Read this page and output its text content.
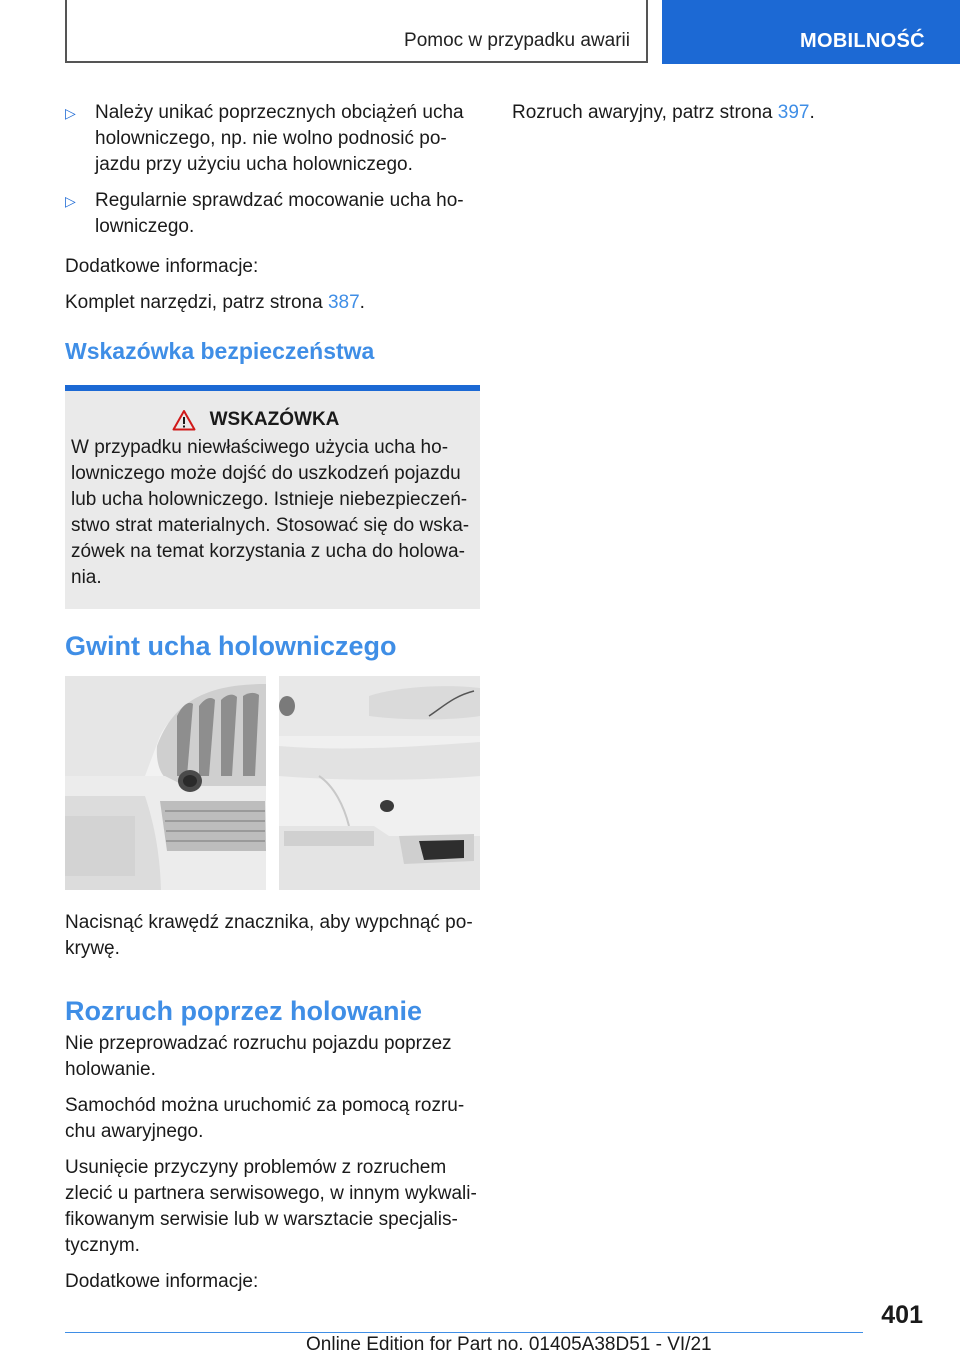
Pomoc w przypadku awarii	MOBILNOŚĆ
▷ Należy unikać poprzecznych obciążeń ucha holowniczego, np. nie wolno podnosić pojazdu przy użyciu ucha holowniczego.

▷ Regularnie sprawdzać mocowanie ucha holowniczego.

Dodatkowe informacje:

Komplet narzędzi, patrz strona 387.

Wskazówka bezpieczeństwa
WSKAZÓWKA

W przypadku niewłaściwego użycia ucha holowniczego może dojść do uszkodzeń pojazdu lub ucha holowniczego. Istnieje niebezpieczeństwo strat materialnych. Stosować się do wskazówek na temat korzystania z ucha do holowania.

Gwint ucha holowniczego

Nacisnąć krawędź znacznika, aby wypchnąć pokrywę.

Rozruch poprzez holowanie

Nie przeprowadzać rozruchu pojazdu poprzez holowanie.

Samochód można uruchomić za pomocą rozruchu awaryjnego.

Usunięcie przyczyny problemów z rozruchem zlecić u partnera serwisowego, w innym wykwalifikowanym serwisie lub w warsztacie specjalistycznym.

Dodatkowe informacje:

Rozruch awaryjny, patrz strona 397.

401
Online Edition for Part no. 01405A38D51 - VI/21
